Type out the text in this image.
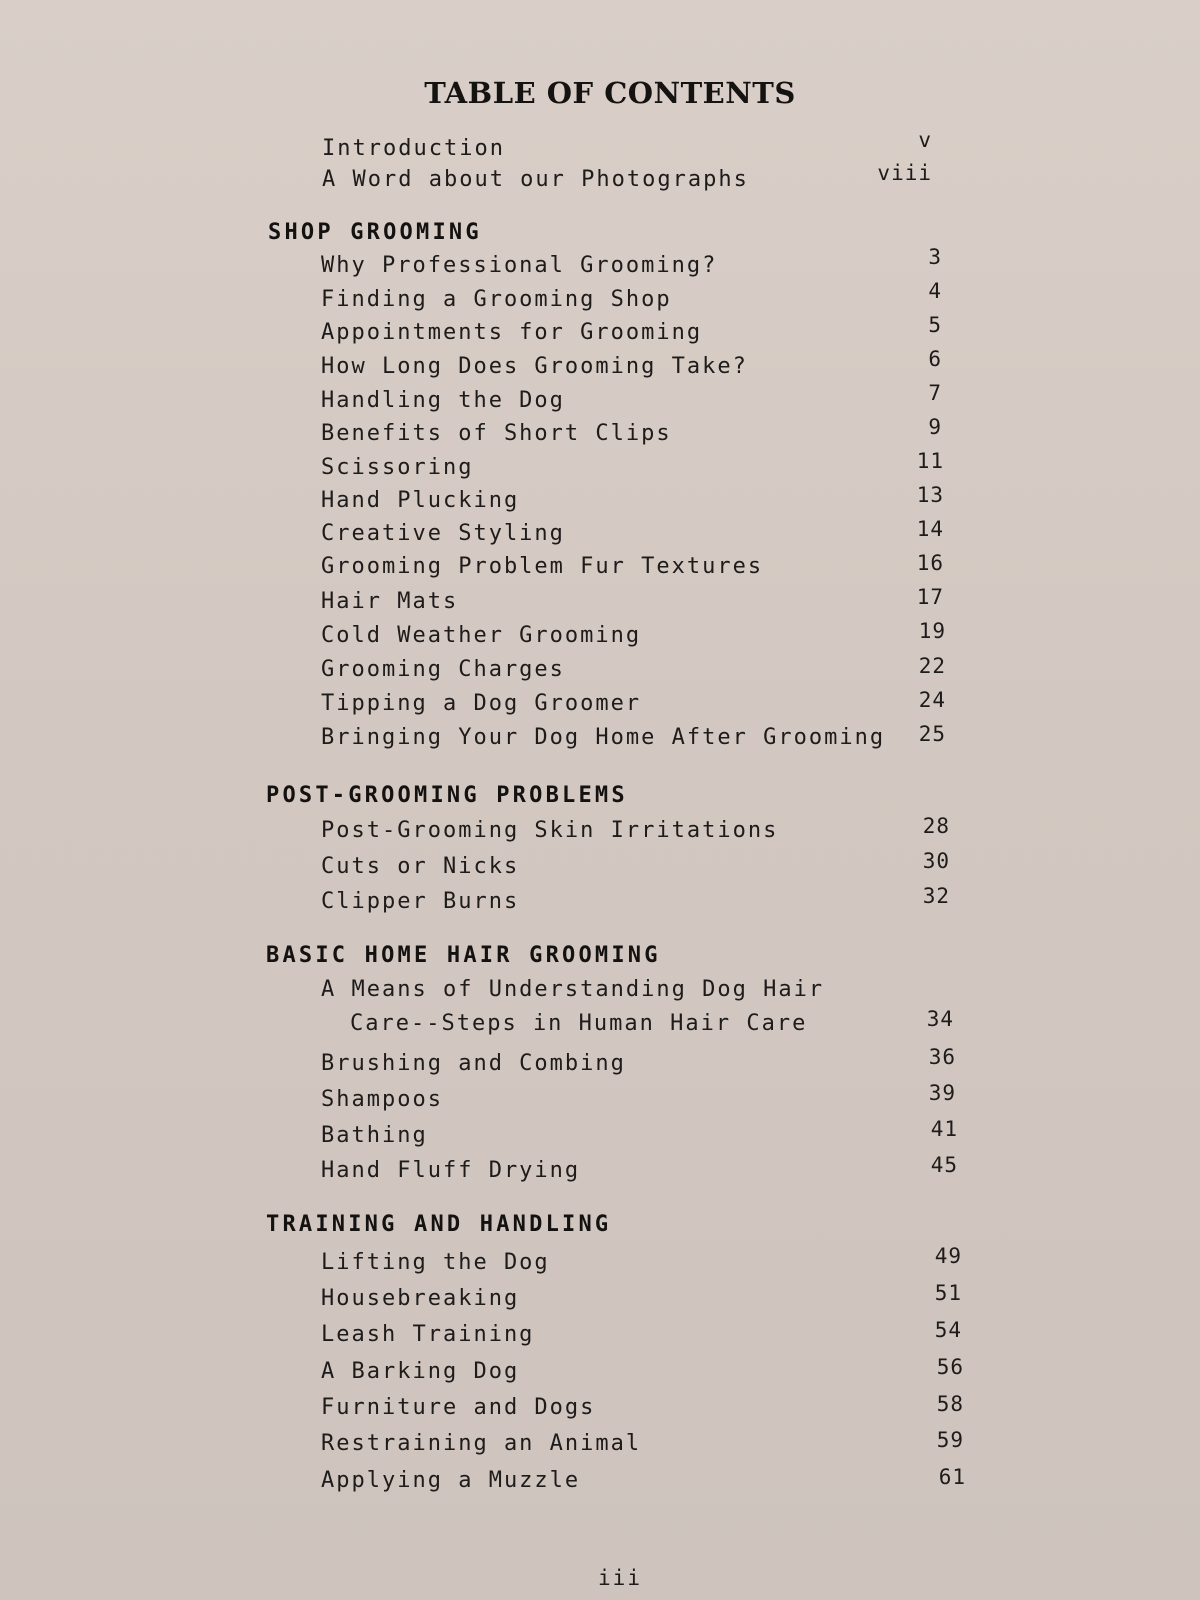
TABLE OF CONTENTS
Introduction	v
A Word about our Photographs	viii
SHOP GROOMING
Why Professional Grooming?	3
Finding a Grooming Shop	4
Appointments for Grooming	5
How Long Does Grooming Take?	6
Handling the Dog	7
Benefits of Short Clips	9
Scissoring	11
Hand Plucking	13
Creative Styling	14
Grooming Problem Fur Textures	16
Hair Mats	17
Cold Weather Grooming	19
Grooming Charges	22
Tipping a Dog Groomer	24
Bringing Your Dog Home After Grooming	25
POST-GROOMING PROBLEMS
Post-Grooming Skin Irritations	28
Cuts or Nicks	30
Clipper Burns	32
BASIC HOME HAIR GROOMING
A Means of Understanding Dog Hair
Care--Steps in Human Hair Care	34
Brushing and Combing	36
Shampoos	39
Bathing	41
Hand Fluff Drying	45
TRAINING AND HANDLING
Lifting the Dog	49
Housebreaking	51
Leash Training	54
A Barking Dog	56
Furniture and Dogs	58
Restraining an Animal	59
Applying a Muzzle	61
iii
